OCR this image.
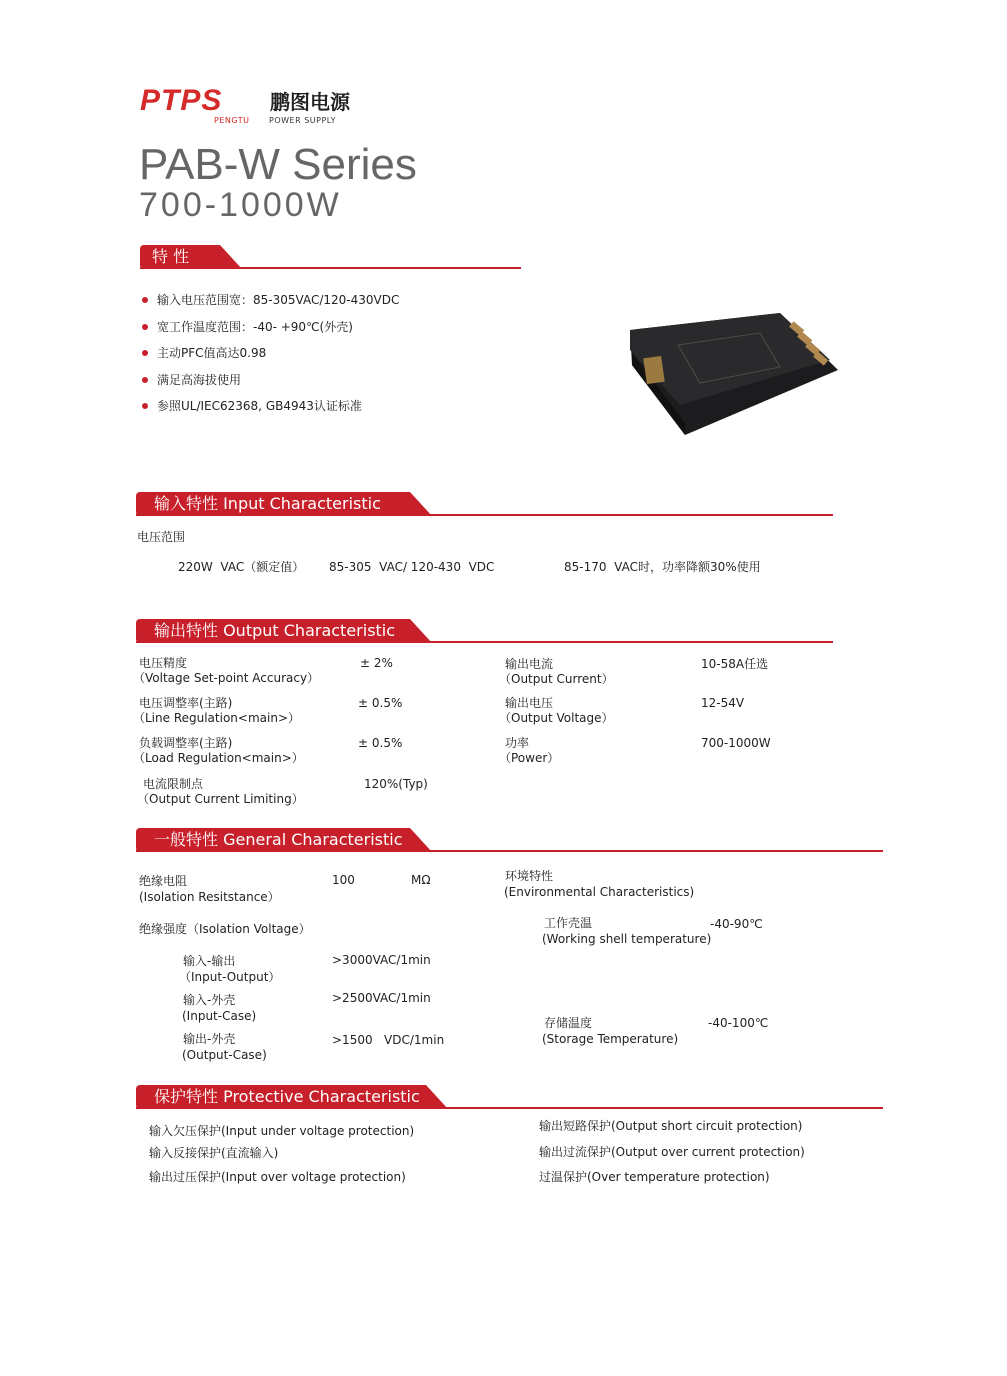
PTPS 鹏图电源
PENGTU POWER SUPPLY
PAB-W Series
700-1000W
特 性
输入电压范围宽：85-305VAC/120-430VDC
宽工作温度范围：-40- +90℃(外壳)
主动PFC值高达0.98
满足高海拔使用
参照UL/IEC62368, GB4943认证标准
输入特性 Input Characteristic
电压范围
220W  VAC（额定值） 85-305  VAC/ 120-430  VDC	85-170  VAC时，功率降额30%使用
输出特性 Output Characteristic
电压精度
（Voltage Set-point Accuracy）
± 2%
电压调整率(主路)
（Line Regulation<main>）
± 0.5%
负载调整率(主路)
（Load Regulation<main>）
± 0.5%
电流限制点
（Output Current Limiting）
120%(Typ)
输出电流
（Output Current）
10-58A任选
输出电压
（Output Voltage）
12-54V
功率
（Power）
700-1000W
一般特性 General Characteristic
绝缘电阻
(Isolation Resitstance）
100	MΩ
绝缘强度（Isolation Voltage）
输入-输出
（Input-Output）
>3000VAC/1min
输入-外壳
(Input-Case)
>2500VAC/1min
输出-外壳
(Output-Case)
>1500   VDC/1min
环境特性
(Environmental Characteristics)
工作壳温
(Working shell temperature)
-40-90℃
存储温度
(Storage Temperature)
-40-100℃
保护特性 Protective Characteristic
输入欠压保护(Input under voltage protection)
输入反接保护(直流输入)
输出过压保护(Input over voltage protection)
输出短路保护(Output short circuit protection)
输出过流保护(Output over current protection)
过温保护(Over temperature protection)
